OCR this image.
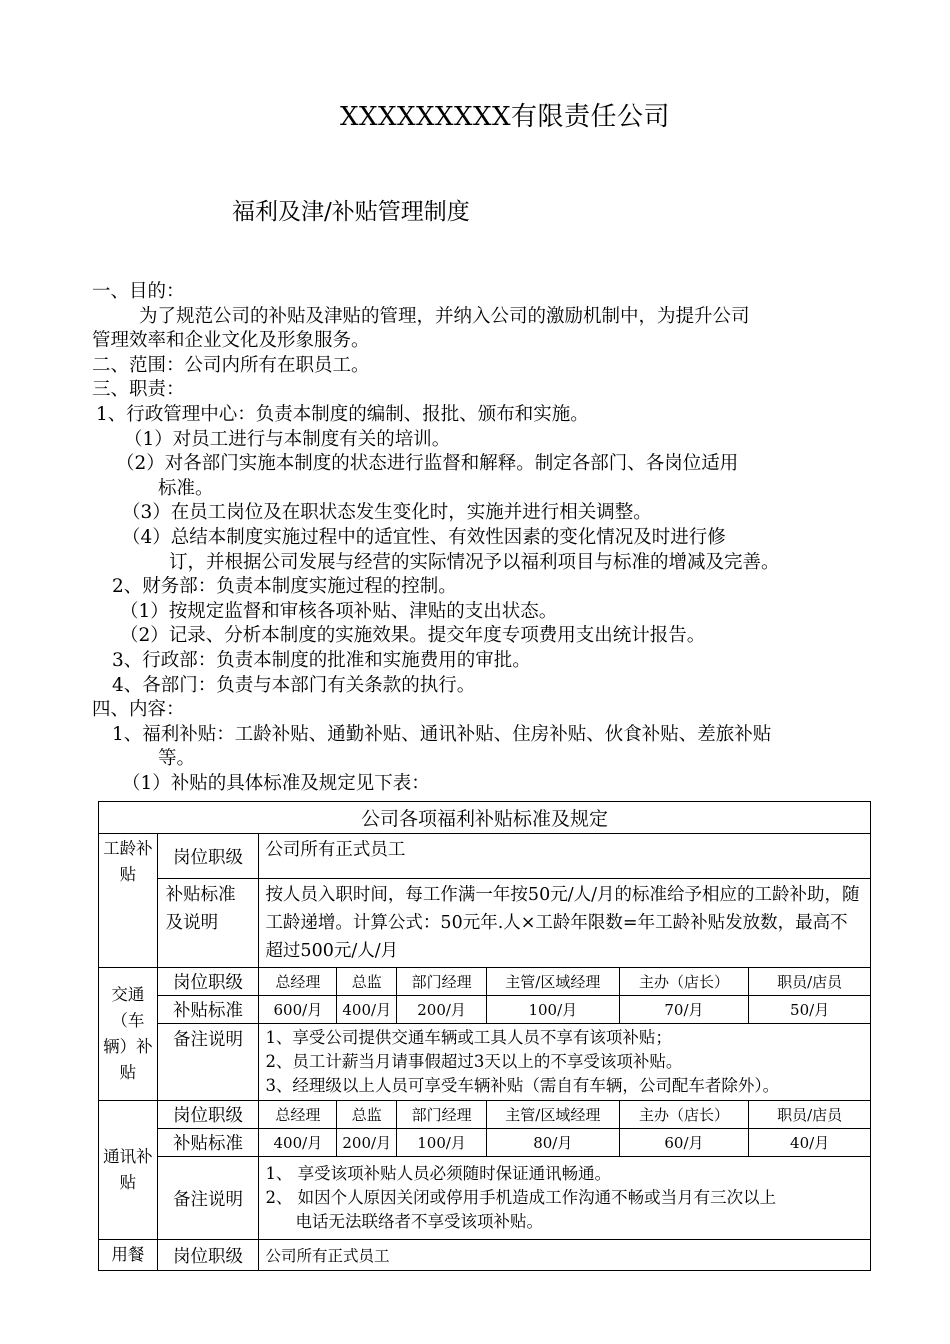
XXXXXXXXX有限责任公司
福利及津/补贴管理制度
一、目的：
为了规范公司的补贴及津贴的管理，并纳入公司的激励机制中，为提升公司
管理效率和企业文化及形象服务。
二、范围：公司内所有在职员工。
三、职责：
1、行政管理中心：负责本制度的编制、报批、颁布和实施。
（1）对员工进行与本制度有关的培训。
（2）对各部门实施本制度的状态进行监督和解释。制定各部门、各岗位适用
标准。
（3）在员工岗位及在职状态发生变化时，实施并进行相关调整。
（4）总结本制度实施过程中的适宜性、有效性因素的变化情况及时进行修
订，并根据公司发展与经营的实际情况予以福利项目与标准的增减及完善。
2、财务部：负责本制度实施过程的控制。
（1）按规定监督和审核各项补贴、津贴的支出状态。
（2）记录、分析本制度的实施效果。提交年度专项费用支出统计报告。
3、行政部：负责本制度的批准和实施费用的审批。
4、各部门：负责与本部门有关条款的执行。
四、内容：
1、福利补贴：工龄补贴、通勤补贴、通讯补贴、住房补贴、伙食补贴、差旅补贴
等。
（1）补贴的具体标准及规定见下表：
公司各项福利补贴标准及规定							
工龄补贴	岗位职级	公司所有正式员工					
	补贴标准及说明	按人员入职时间，每工作满一年按50元/人/月的标准给予相应的工龄补助，随工龄递增。计算公式：50元年.人×工龄年限数=年工龄补贴发放数，最高不超过500元/人/月					
交通（车辆）补贴	岗位职级	总经理	总监	部门经理	主管/区域经理	主办（店长）	职员/店员
	补贴标准	600/月	400/月	200/月	100/月	70/月	50/月
	备注说明	1、享受公司提供交通车辆或工具人员不享有该项补贴；
2、员工计薪当月请事假超过3天以上的不享受该项补贴。
3、经理级以上人员可享受车辆补贴（需自有车辆，公司配车者除外）。					

通讯补贴	岗位职级	总经理	总监	部门经理	主管/区域经理	主办（店长）	职员/店员
	补贴标准	400/月	200/月	100/月	80/月	60/月	40/月
	备注说明	1、 享受该项补贴人员必须随时保证通讯畅通。
2、 如因个人原因关闭或停用手机造成工作沟通不畅或当月有三次以上
电话无法联络者不享受该项补贴。					

用餐	岗位职级	公司所有正式员工					
